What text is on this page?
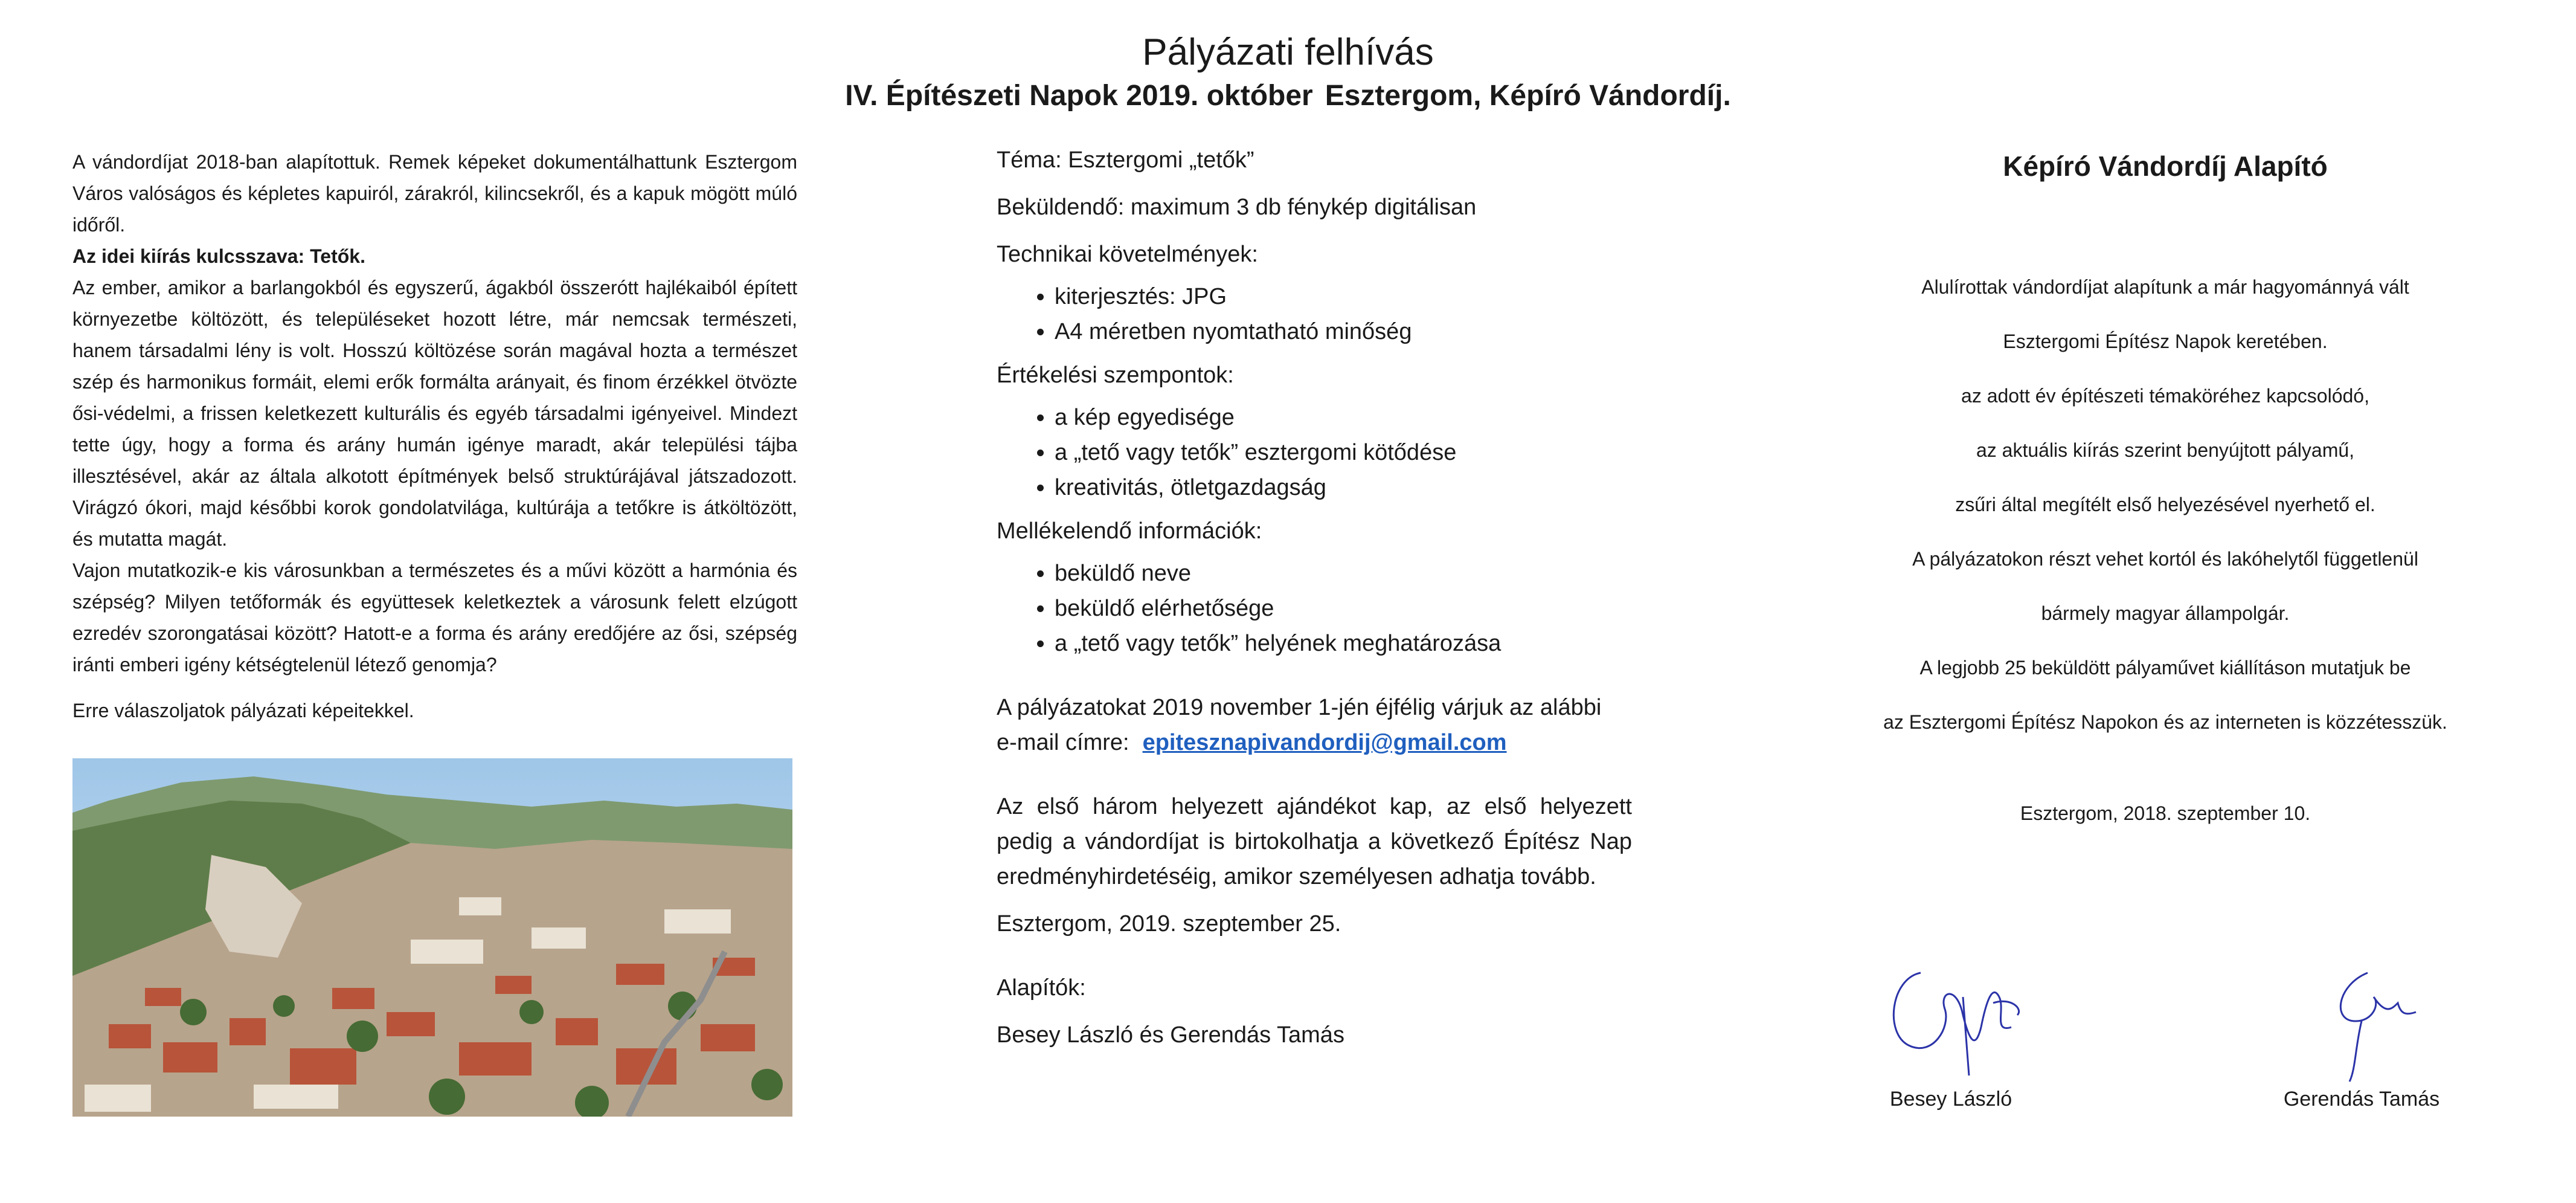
Pályázati felhívás
IV. Építészeti Napok 2019. október Esztergom, Képíró Vándordíj.

A vándordíjat 2018-ban alapítottuk. Remek képeket dokumentálhattunk Esztergom Város valóságos és képletes kapuiról, zárakról, kilincsekről, és a kapuk mögött múló időről.

Az idei kiírás kulcsszava: Tetők.

Az ember, amikor a barlangokból és egyszerű, ágakból összerótt hajlékaiból épített környezetbe költözött, és településeket hozott létre, már nemcsak természeti, hanem társadalmi lény is volt. Hosszú költözése során magával hozta a természet szép és harmonikus formáit, elemi erők formálta arányait, és finom érzékkel ötvözte ősi-védelmi, a frissen keletkezett kulturális és egyéb társadalmi igényeivel. Mindezt tette úgy, hogy a forma és arány humán igénye maradt, akár települési tájba illesztésével, akár az általa alkotott építmények belső struktúrájával játszadozott. Virágzó ókori, majd későbbi korok gondolatvilága, kultúrája a tetőkre is átköltözött, és mutatta magát.

Vajon mutatkozik-e kis városunkban a természetes és a művi között a harmónia és szépség? Milyen tetőformák és együttesek keletkeztek a városunk felett elzúgott ezredév szorongatásai között? Hatott-e a forma és arány eredőjére az ősi, szépség iránti emberi igény kétségtelenül létező genomja?

Erre válaszoljatok pályázati képeitekkel.

Téma: Esztergomi „tetők”

Beküldendő: maximum 3 db fénykép digitálisan

Technikai követelmények:

• kiterjesztés: JPG
• A4 méretben nyomtatható minőség

Értékelési szempontok:

• a kép egyedisége
• a „tető vagy tetők” esztergomi kötődése
• kreativitás, ötletgazdagság

Mellékelendő információk:

• beküldő neve
• beküldő elérhetősége
• a „tető vagy tetők” helyének meghatározása

A pályázatokat 2019 november 1-jén éjfélig várjuk az alábbi

e-mail címre: epitesznapivandordij@gmail.com

Az első három helyezett ajándékot kap, az első helyezett pedig a vándordíjat is birtokolhatja a következő Építész Nap eredményhirdetéséig, amikor személyesen adhatja tovább.

Esztergom, 2019. szeptember 25.

Alapítók:

Besey László és Gerendás Tamás

Képíró Vándordíj Alapító

Alulírottak vándordíjat alapítunk a már hagyománnyá vált

Esztergomi Építész Napok keretében.

az adott év építészeti témaköréhez kapcsolódó,

az aktuális kiírás szerint benyújtott pályamű,

zsűri által megítélt első helyezésével nyerhető el.

A pályázatokon részt vehet kortól és lakóhelytől függetlenül

bármely magyar állampolgár.

A legjobb 25 beküldött pályaművet kiállításon mutatjuk be

az Esztergomi Építész Napokon és az interneten is közzétesszük.

Esztergom, 2018. szeptember 10.
Besey László	Gerendás Tamás
